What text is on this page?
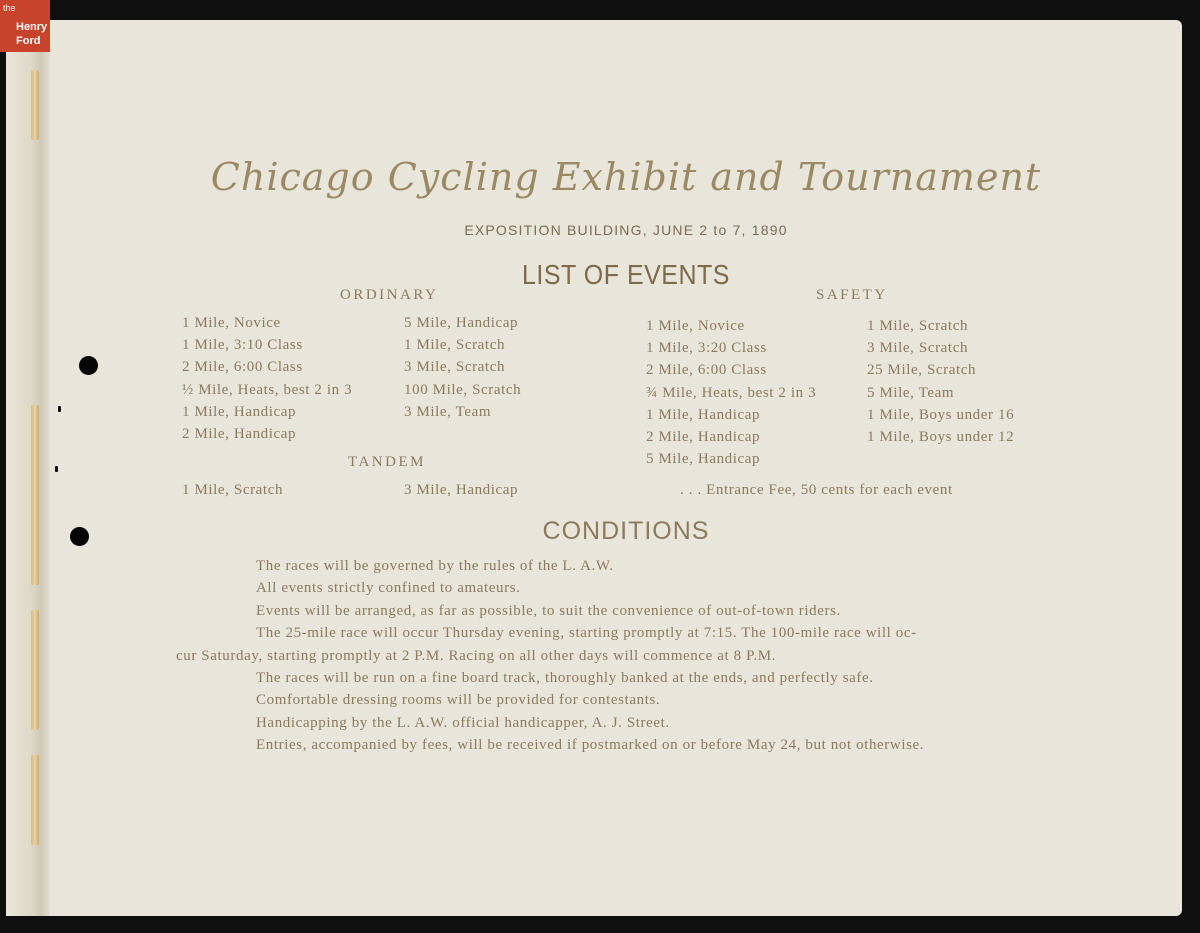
the
Henry
Ford
Chicago Cycling Exhibit and Tournament
EXPOSITION BUILDING, JUNE 2 to 7, 1890
LIST OF EVENTS
ORDINARY
1 Mile, Novice
1 Mile, 3:10 Class
2 Mile, 6:00 Class
½ Mile, Heats, best 2 in 3
1 Mile, Handicap
2 Mile, Handicap
5 Mile, Handicap
1 Mile, Scratch
3 Mile, Scratch
100 Mile, Scratch
3 Mile, Team
TANDEM
1 Mile, Scratch	3 Mile, Handicap
SAFETY
1 Mile, Novice
1 Mile, 3:20 Class
2 Mile, 6:00 Class
¾ Mile, Heats, best 2 in 3
1 Mile, Handicap
2 Mile, Handicap
5 Mile, Handicap
1 Mile, Scratch
3 Mile, Scratch
25 Mile, Scratch
5 Mile, Team
1 Mile, Boys under 16
1 Mile, Boys under 12
. . . Entrance Fee, 50 cents for each event
CONDITIONS
The races will be governed by the rules of the L. A.W.
All events strictly confined to amateurs.
Events will be arranged, as far as possible, to suit the convenience of out-of-town riders.
The 25-mile race will occur Thursday evening, starting promptly at 7:15. The 100-mile race will oc-
cur Saturday, starting promptly at 2 P.M. Racing on all other days will commence at 8 P.M.
The races will be run on a fine board track, thoroughly banked at the ends, and perfectly safe.
Comfortable dressing rooms will be provided for contestants.
Handicapping by the L. A.W. official handicapper, A. J. Street.
Entries, accompanied by fees, will be received if postmarked on or before May 24, but not otherwise.
